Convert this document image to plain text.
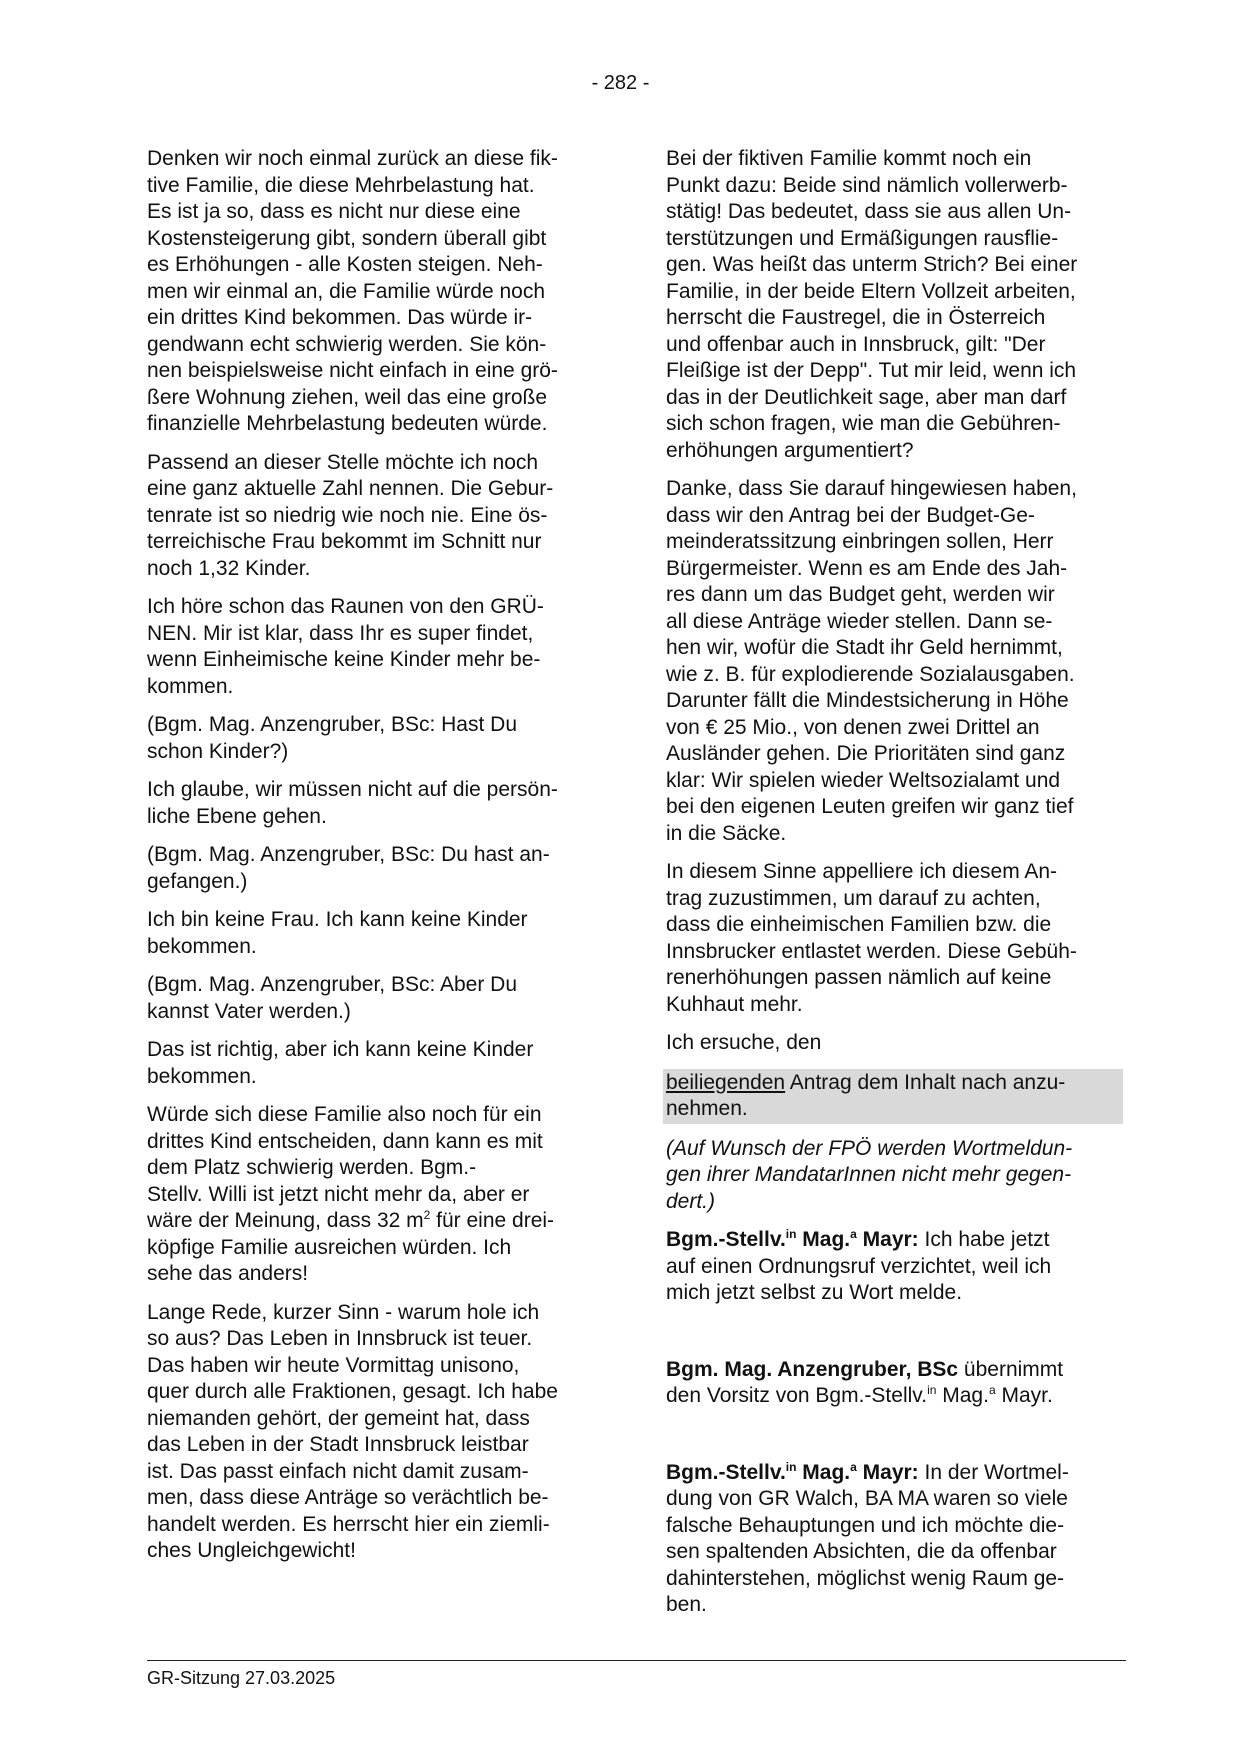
- 282 -

Denken wir noch einmal zurück an diese fik-
tive Familie, die diese Mehrbelastung hat.
Es ist ja so, dass es nicht nur diese eine
Kostensteigerung gibt, sondern überall gibt
es Erhöhungen - alle Kosten steigen. Neh-
men wir einmal an, die Familie würde noch
ein drittes Kind bekommen. Das würde ir-
gendwann echt schwierig werden. Sie kön-
nen beispielsweise nicht einfach in eine grö-
ßere Wohnung ziehen, weil das eine große
finanzielle Mehrbelastung bedeuten würde.

Passend an dieser Stelle möchte ich noch
eine ganz aktuelle Zahl nennen. Die Gebur-
tenrate ist so niedrig wie noch nie. Eine ös-
terreichische Frau bekommt im Schnitt nur
noch 1,32 Kinder.

Ich höre schon das Raunen von den GRÜ-
NEN. Mir ist klar, dass Ihr es super findet,
wenn Einheimische keine Kinder mehr be-
kommen.

(Bgm. Mag. Anzengruber, BSc: Hast Du
schon Kinder?)

Ich glaube, wir müssen nicht auf die persön-
liche Ebene gehen.

(Bgm. Mag. Anzengruber, BSc: Du hast an-
gefangen.)

Ich bin keine Frau. Ich kann keine Kinder
bekommen.

(Bgm. Mag. Anzengruber, BSc: Aber Du
kannst Vater werden.)

Das ist richtig, aber ich kann keine Kinder
bekommen.

Würde sich diese Familie also noch für ein
drittes Kind entscheiden, dann kann es mit
dem Platz schwierig werden. Bgm.-
Stellv. Willi ist jetzt nicht mehr da, aber er
wäre der Meinung, dass 32 $m^2$ für eine drei-
köpfige Familie ausreichen würden. Ich
sehe das anders!

Lange Rede, kurzer Sinn - warum hole ich
so aus? Das Leben in Innsbruck ist teuer.
Das haben wir heute Vormittag unisono,
quer durch alle Fraktionen, gesagt. Ich habe
niemanden gehört, der gemeint hat, dass
das Leben in der Stadt Innsbruck leistbar
ist. Das passt einfach nicht damit zusam-
men, dass diese Anträge so verächtlich be-
handelt werden. Es herrscht hier ein ziemli-
ches Ungleichgewicht!

Bei der fiktiven Familie kommt noch ein
Punkt dazu: Beide sind nämlich vollerwerb-
stätig! Das bedeutet, dass sie aus allen Un-
terstützungen und Ermäßigungen rausflie-
gen. Was heißt das unterm Strich? Bei einer
Familie, in der beide Eltern Vollzeit arbeiten,
herrscht die Faustregel, die in Österreich
und offenbar auch in Innsbruck, gilt: "Der
Fleißige ist der Depp". Tut mir leid, wenn ich
das in der Deutlichkeit sage, aber man darf
sich schon fragen, wie man die Gebühren-
erhöhungen argumentiert?

Danke, dass Sie darauf hingewiesen haben,
dass wir den Antrag bei der Budget-Ge-
meinderatssitzung einbringen sollen, Herr
Bürgermeister. Wenn es am Ende des Jah-
res dann um das Budget geht, werden wir
all diese Anträge wieder stellen. Dann se-
hen wir, wofür die Stadt ihr Geld hernimmt,
wie z. B. für explodierende Sozialausgaben.
Darunter fällt die Mindestsicherung in Höhe
von € 25 Mio., von denen zwei Drittel an
Ausländer gehen. Die Prioritäten sind ganz
klar: Wir spielen wieder Weltsozialamt und
bei den eigenen Leuten greifen wir ganz tief
in die Säcke.

In diesem Sinne appelliere ich diesem An-
trag zuzustimmen, um darauf zu achten,
dass die einheimischen Familien bzw. die
Innsbrucker entlastet werden. Diese Gebüh-
renerhöhungen passen nämlich auf keine
Kuhhaut mehr.

Ich ersuche, den

beiliegenden Antrag dem Inhalt nach anzu-
nehmen.

(Auf Wunsch der FPÖ werden Wortmeldun-
gen ihrer MandatarInnen nicht mehr gegen-
dert.)

Bgm.-Stellv.$^{in}$ Mag.$^a$ Mayr: Ich habe jetzt
auf einen Ordnungsruf verzichtet, weil ich
mich jetzt selbst zu Wort melde.

Bgm. Mag. Anzengruber, BSc übernimmt
den Vorsitz von Bgm.-Stellv.$^{in}$ Mag.$^a$ Mayr.

Bgm.-Stellv.$^{in}$ Mag.$^a$ Mayr: In der Wortmel-
dung von GR Walch, BA MA waren so viele
falsche Behauptungen und ich möchte die-
sen spaltenden Absichten, die da offenbar
dahinterstehen, möglichst wenig Raum ge-
ben.

GR-Sitzung 27.03.2025
